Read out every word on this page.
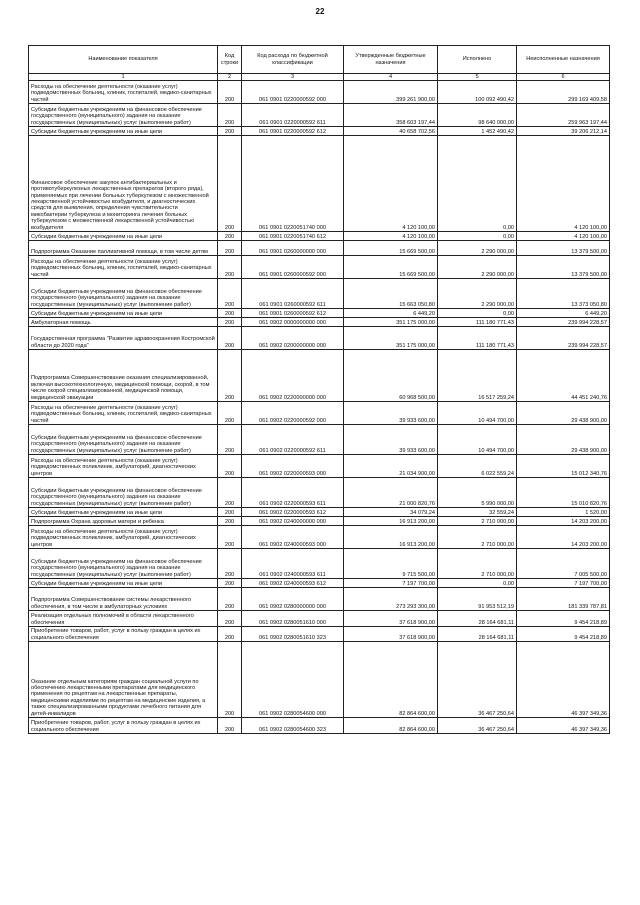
22
Наименование показателя	Код строки	Код расхода по бюджетной классификации	Утвержденные бюджетные назначения	Исполнено	Неисполненные назначения
1	2	3	4	5	6
Расходы на обеспечение деятельности (оказание услуг) подведомственных больниц, клиник, госпиталей, медико-санитарных частей	200	061 0901 0220000592 000	399 261 900,00	100 092 490,42	299 169 409,58
Субсидии бюджетным учреждениям на финансовое обеспечение государственного (муниципального) задания на оказание государственных (муниципальных) услуг (выполнение работ)	200	061 0901 0220000592 611	358 603 197,44	98 640 000,00	259 963 197,44
Субсидии бюджетным учреждениям на иные цели	200	061 0901 0220000592 612	40 658 702,56	1 452 490,42	39 206 212,14
Финансовое обеспечение закупок антибактериальных и противотуберкулезных лекарственных препаратов (второго ряда), применяемых при лечении больных туберкулезом с множественной лекарственной устойчивостью возбудителя, и диагностических средств для выявления, определения чувствительности микобактерии туберкулеза и мониторинга лечения больных туберкулезом с множественной лекарственной устойчивостью возбудителя	200	061 0901 0220051740 000	4 120 100,00	0,00	4 120 100,00
Субсидии бюджетным учреждениям на иные цели	200	061 0901 0220051740 612	4 120 100,00	0,00	4 120 100,00
Подпрограмма Оказание паллиативной помощи, в том числе детям	200	061 0901 0260000000 000	15 669 500,00	2 290 000,00	13 379 500,00
Расходы на обеспечение деятельности (оказание услуг) подведомственных больниц, клиник, госпиталей, медико-санитарных частей	200	061 0901 0260000592 000	15 669 500,00	2 290 000,00	13 379 500,00
Субсидии бюджетным учреждениям на финансовое обеспечение государственного (муниципального) задания на оказание государственных (муниципальных) услуг (выполнение работ)	200	061 0901 0260000592 611	15 663 050,80	2 290 000,00	13 373 050,80
Субсидии бюджетным учреждениям на иные цели	200	061 0901 0260000592 612	6 449,20	0,00	6 449,20
Амбулаторная помощь	200	061 0902 0000000000 000	351 175 000,00	111 180 771,43	239 994 228,57
Государственная программа "Развитие здравоохранения Костромской области до 2020 года"	200	061 0902 0200000000 000	351 175 000,00	111 180 771,43	239 994 228,57
Подпрограмма Совершенствование оказания специализированной, включая высокотехнологичную, медицинской помощи, скорой, в том числе скорой специализированной, медицинской помощи, медицинской эвакуации	200	061 0902 0220000000 000	60 968 500,00	16 517 259,24	44 451 240,76
Расходы на обеспечение деятельности (оказание услуг) подведомственных больниц, клиник, госпиталей, медико-санитарных частей	200	061 0902 0220000592 000	39 933 600,00	10 494 700,00	29 438 900,00
Субсидии бюджетным учреждениям на финансовое обеспечение государственного (муниципального) задания на оказание государственных (муниципальных) услуг (выполнение работ)	200	061 0902 0220000592 611	39 933 600,00	10 494 700,00	29 438 900,00
Расходы на обеспечение деятельности (оказание услуг) подведомственных поликлиник, амбулаторий, диагностических центров	200	061 0902 0220000593 000	21 034 900,00	6 022 559,24	15 012 340,76
Субсидии бюджетным учреждениям на финансовое обеспечение государственного (муниципального) задания на оказание государственных (муниципальных) услуг (выполнение работ)	200	061 0902 0220000593 611	21 000 820,76	5 990 000,00	15 010 820,76
Субсидии бюджетным учреждениям на иные цели	200	061 0902 0220000593 612	34 079,24	32 559,24	1 520,00
Подпрограмма Охрана здоровья матери и ребенка	200	061 0902 0240000000 000	16 913 200,00	2 710 000,00	14 203 200,00
Расходы на обеспечение деятельности (оказание услуг) подведомственных поликлиник, амбулаторий, диагностических центров	200	061 0902 0240000593 000	16 913 200,00	2 710 000,00	14 203 200,00
Субсидии бюджетным учреждениям на финансовое обеспечение государственного (муниципального) задания на оказание государственных (муниципальных) услуг (выполнение работ)	200	061 0902 0240000593 611	9 715 500,00	2 710 000,00	7 005 500,00
Субсидии бюджетным учреждениям на иные цели	200	061 0902 0240000593 612	7 197 700,00	0,00	7 197 700,00
Подпрограмма Совершенствование системы лекарственного обеспечения, в том числе в амбулаторных условиях	200	061 0902 0280000000 000	273 293 300,00	91 953 512,19	181 339 787,81
Реализация отдельных полномочий в области лекарственного обеспечения	200	061 0902 0280051610 000	37 618 900,00	28 164 681,11	9 454 218,89
Приобретение товаров, работ, услуг в пользу граждан в целях их социального обеспечения	200	061 0902 0280051610 323	37 618 900,00	28 164 681,11	9 454 218,89
Оказание отдельным категориям граждан социальной услуги по обеспечению лекарственными препаратами для медицинского применения по рецептам на лекарственные препараты, медицинскими изделиями по рецептам на медицинские изделия, а также специализированными продуктами лечебного питания для детей-инвалидов	200	061 0902 0280054600 000	82 864 600,00	36 467 250,64	46 397 349,36
Приобретение товаров, работ, услуг в пользу граждан в целях их социального обеспечения	200	061 0902 0280054600 323	82 864 600,00	36 467 250,64	46 397 349,36
